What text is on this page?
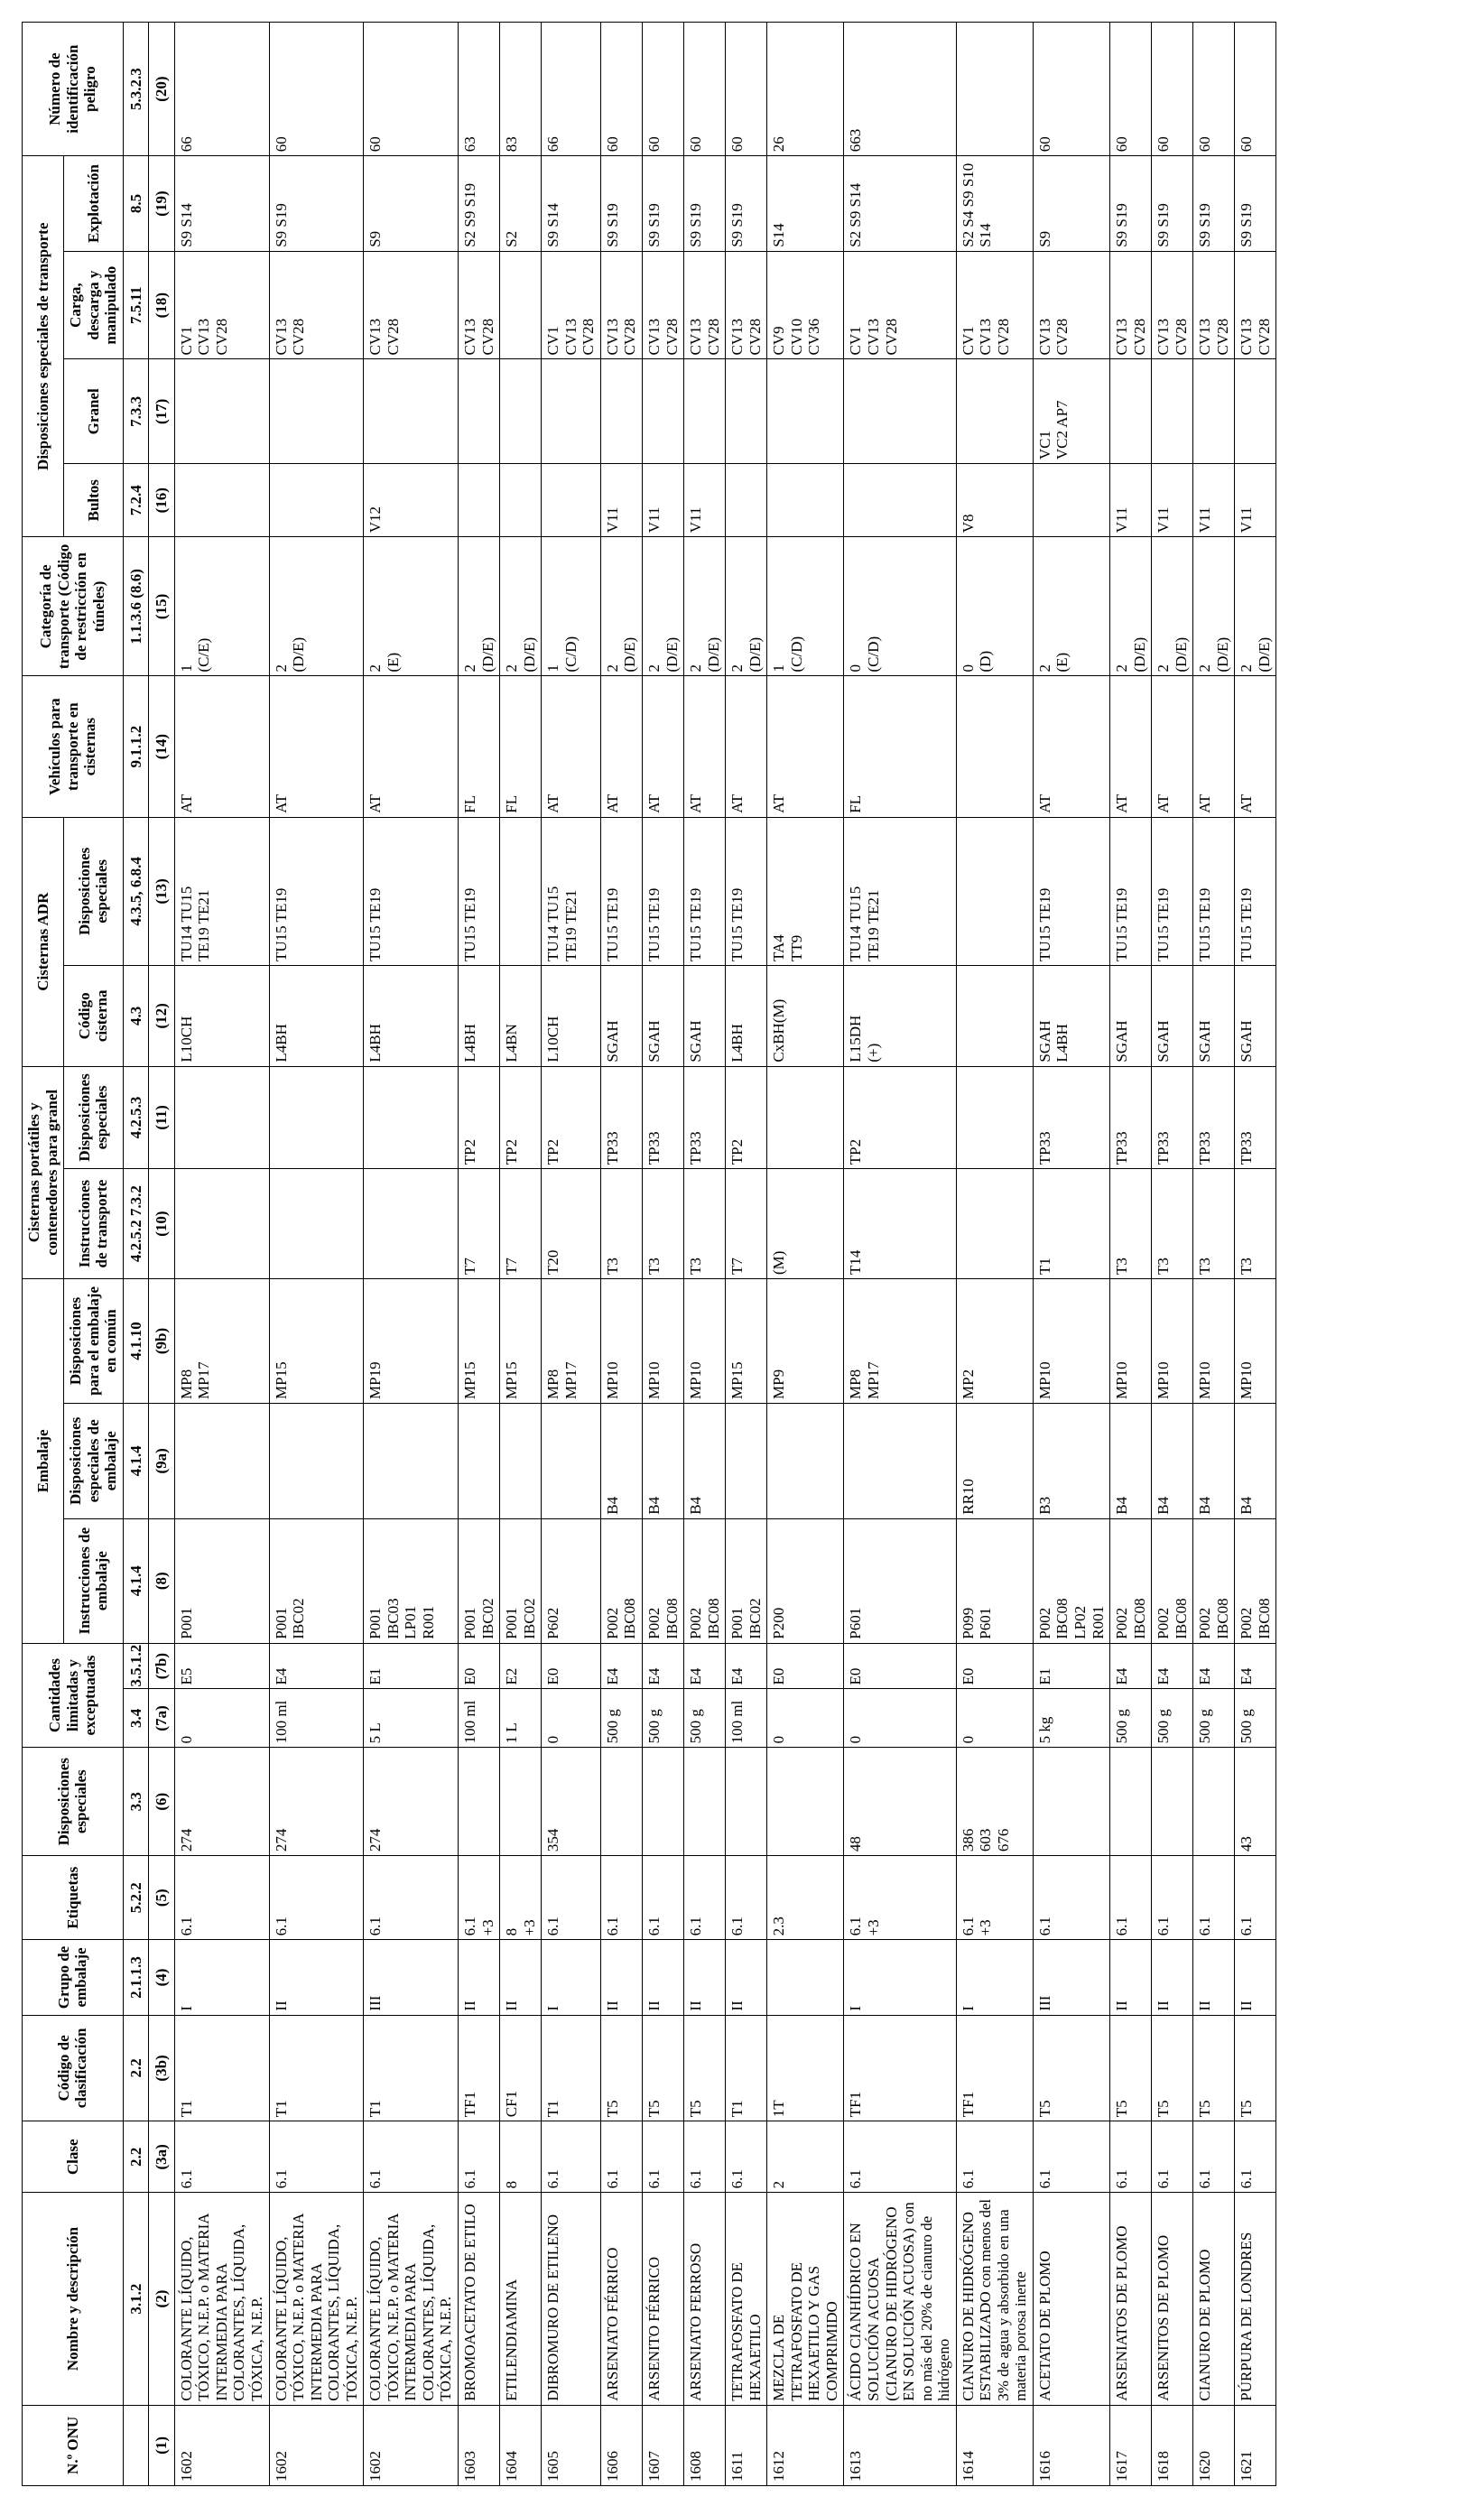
N.º ONU	Nombre y descripción	Clase	Código de clasificación	Grupo de embalaje	Etiquetas	Disposiciones especiales	Cantidades limitadas y exceptuadas		Embalaje			Cisternas portátiles y contenedores para granel		Cisternas ADR		Vehículos para transporte en cisternas	Categoría de transporte (Código de restricción en túneles)	Disposiciones especiales de transporte				Número de identificación peligro
									Instrucciones de embalaje	Disposiciones especiales de embalaje	Disposiciones para el embalaje en común	Instrucciones de transporte	Disposiciones especiales	Código cisterna	Disposiciones especiales			Bultos	Granel	Carga, descarga y manipulado	Explotación	
	3.1.2	2.2	2.2	2.1.1.3	5.2.2	3.3	3.4	3.5.1.2	4.1.4	4.1.4	4.1.10	4.2.5.2 7.3.2	4.2.5.3	4.3	4.3.5, 6.8.4	9.1.1.2	1.1.3.6 (8.6)	7.2.4	7.3.3	7.5.11	8.5	5.3.2.3
(1)	(2)	(3a)	(3b)	(4)	(5)	(6)	(7a)	(7b)	(8)	(9a)	(9b)	(10)	(11)	(12)	(13)	(14)	(15)	(16)	(17)	(18)	(19)	(20)

1602	COLORANTE LÍQUIDO, TÓXICO, N.E.P. o MATERIA INTERMEDIA PARA COLORANTES, LÍQUIDA, TÓXICA, N.E.P.	6.1	T1	I	6.1	274	0	E5	P001		MP8 MP17			L10CH	TU14 TU15 TE19 TE21	AT	1 (C/E)			CV1 CV13 CV28	S9 S14	66

1602	COLORANTE LÍQUIDO, TÓXICO, N.E.P. o MATERIA INTERMEDIA PARA COLORANTES, LÍQUIDA, TÓXICA, N.E.P.	6.1	T1	II	6.1	274	100 ml	E4	P001 IBC02		MP15			L4BH	TU15 TE19	AT	2 (D/E)			CV13 CV28	S9 S19	60

1602	COLORANTE LÍQUIDO, TÓXICO, N.E.P. o MATERIA INTERMEDIA PARA COLORANTES, LÍQUIDA, TÓXICA, N.E.P.	6.1	T1	III	6.1	274	5 L	E1	P001 IBC03 LP01 R001		MP19			L4BH	TU15 TE19	AT	2 (E)	V12		CV13 CV28	S9	60

1603	BROMOACETATO DE ETILO	6.1	TF1	II	6.1 +3		100 ml	E0	P001 IBC02		MP15	T7	TP2	L4BH	TU15 TE19	FL	2 (D/E)			CV13 CV28	S2 S9 S19	63

1604	ETILENDIAMINA	8	CF1	II	8 +3		1 L	E2	P001 IBC02		MP15	T7	TP2	L4BN		FL	2 (D/E)				S2	83

1605	DIBROMURO DE ETILENO	6.1	T1	I	6.1	354	0	E0	P602		MP8 MP17	T20	TP2	L10CH	TU14 TU15 TE19 TE21	AT	1 (C/D)			CV1 CV13 CV28	S9 S14	66

1606	ARSENIATO FÉRRICO	6.1	T5	II	6.1		500 g	E4	P002 IBC08	B4	MP10	T3	TP33	SGAH	TU15 TE19	AT	2 (D/E)	V11		CV13 CV28	S9 S19	60

1607	ARSENITO FÉRRICO	6.1	T5	II	6.1		500 g	E4	P002 IBC08	B4	MP10	T3	TP33	SGAH	TU15 TE19	AT	2 (D/E)	V11		CV13 CV28	S9 S19	60

1608	ARSENIATO FERROSO	6.1	T5	II	6.1		500 g	E4	P002 IBC08	B4	MP10	T3	TP33	SGAH	TU15 TE19	AT	2 (D/E)	V11		CV13 CV28	S9 S19	60

1611	TETRAFOSFATO DE HEXAETILO	6.1	T1	II	6.1		100 ml	E4	P001 IBC02		MP15	T7	TP2	L4BH	TU15 TE19	AT	2 (D/E)			CV13 CV28	S9 S19	60

1612	MEZCLA DE TETRAFOSFATO DE HEXAETILO Y GAS COMPRIMIDO	2	1T		2.3		0	E0	P200		MP9	(M)		CxBH(M)	TA4 TT9	AT	1 (C/D)			CV9 CV10 CV36	S14	26

1613	ÁCIDO CIANHÍDRICO EN SOLUCIÓN ACUOSA (CIANURO DE HIDRÓGENO EN SOLUCIÓN ACUOSA) con no más del 20% de cianuro de hidrógeno	6.1	TF1	I	6.1 +3	48	0	E0	P601		MP8 MP17	T14	TP2	L15DH (+)	TU14 TU15 TE19 TE21	FL	0 (C/D)			CV1 CV13 CV28	S2 S9 S14	663

1614	CIANURO DE HIDRÓGENO ESTABILIZADO con menos del 3% de agua y absorbido en una materia porosa inerte	6.1	TF1	I	6.1 +3	386 603 676	0	E0	P099 P601	RR10	MP2						0 (D)	V8		CV1 CV13 CV28	S2 S4 S9 S10 S14	

1616	ACETATO DE PLOMO	6.1	T5	III	6.1		5 kg	E1	P002 IBC08 LP02 R001	B3	MP10	T1	TP33	SGAH L4BH	TU15 TE19	AT	2 (E)		VC1 VC2 AP7	CV13 CV28	S9	60

1617	ARSENIATOS DE PLOMO	6.1	T5	II	6.1		500 g	E4	P002 IBC08	B4	MP10	T3	TP33	SGAH	TU15 TE19	AT	2 (D/E)	V11		CV13 CV28	S9 S19	60

1618	ARSENITOS DE PLOMO	6.1	T5	II	6.1		500 g	E4	P002 IBC08	B4	MP10	T3	TP33	SGAH	TU15 TE19	AT	2 (D/E)	V11		CV13 CV28	S9 S19	60

1620	CIANURO DE PLOMO	6.1	T5	II	6.1		500 g	E4	P002 IBC08	B4	MP10	T3	TP33	SGAH	TU15 TE19	AT	2 (D/E)	V11		CV13 CV28	S9 S19	60

1621	PÚRPURA DE LONDRES	6.1	T5	II	6.1	43	500 g	E4	P002 IBC08	B4	MP10	T3	TP33	SGAH	TU15 TE19	AT	2 (D/E)	V11		CV13 CV28	S9 S19	60
